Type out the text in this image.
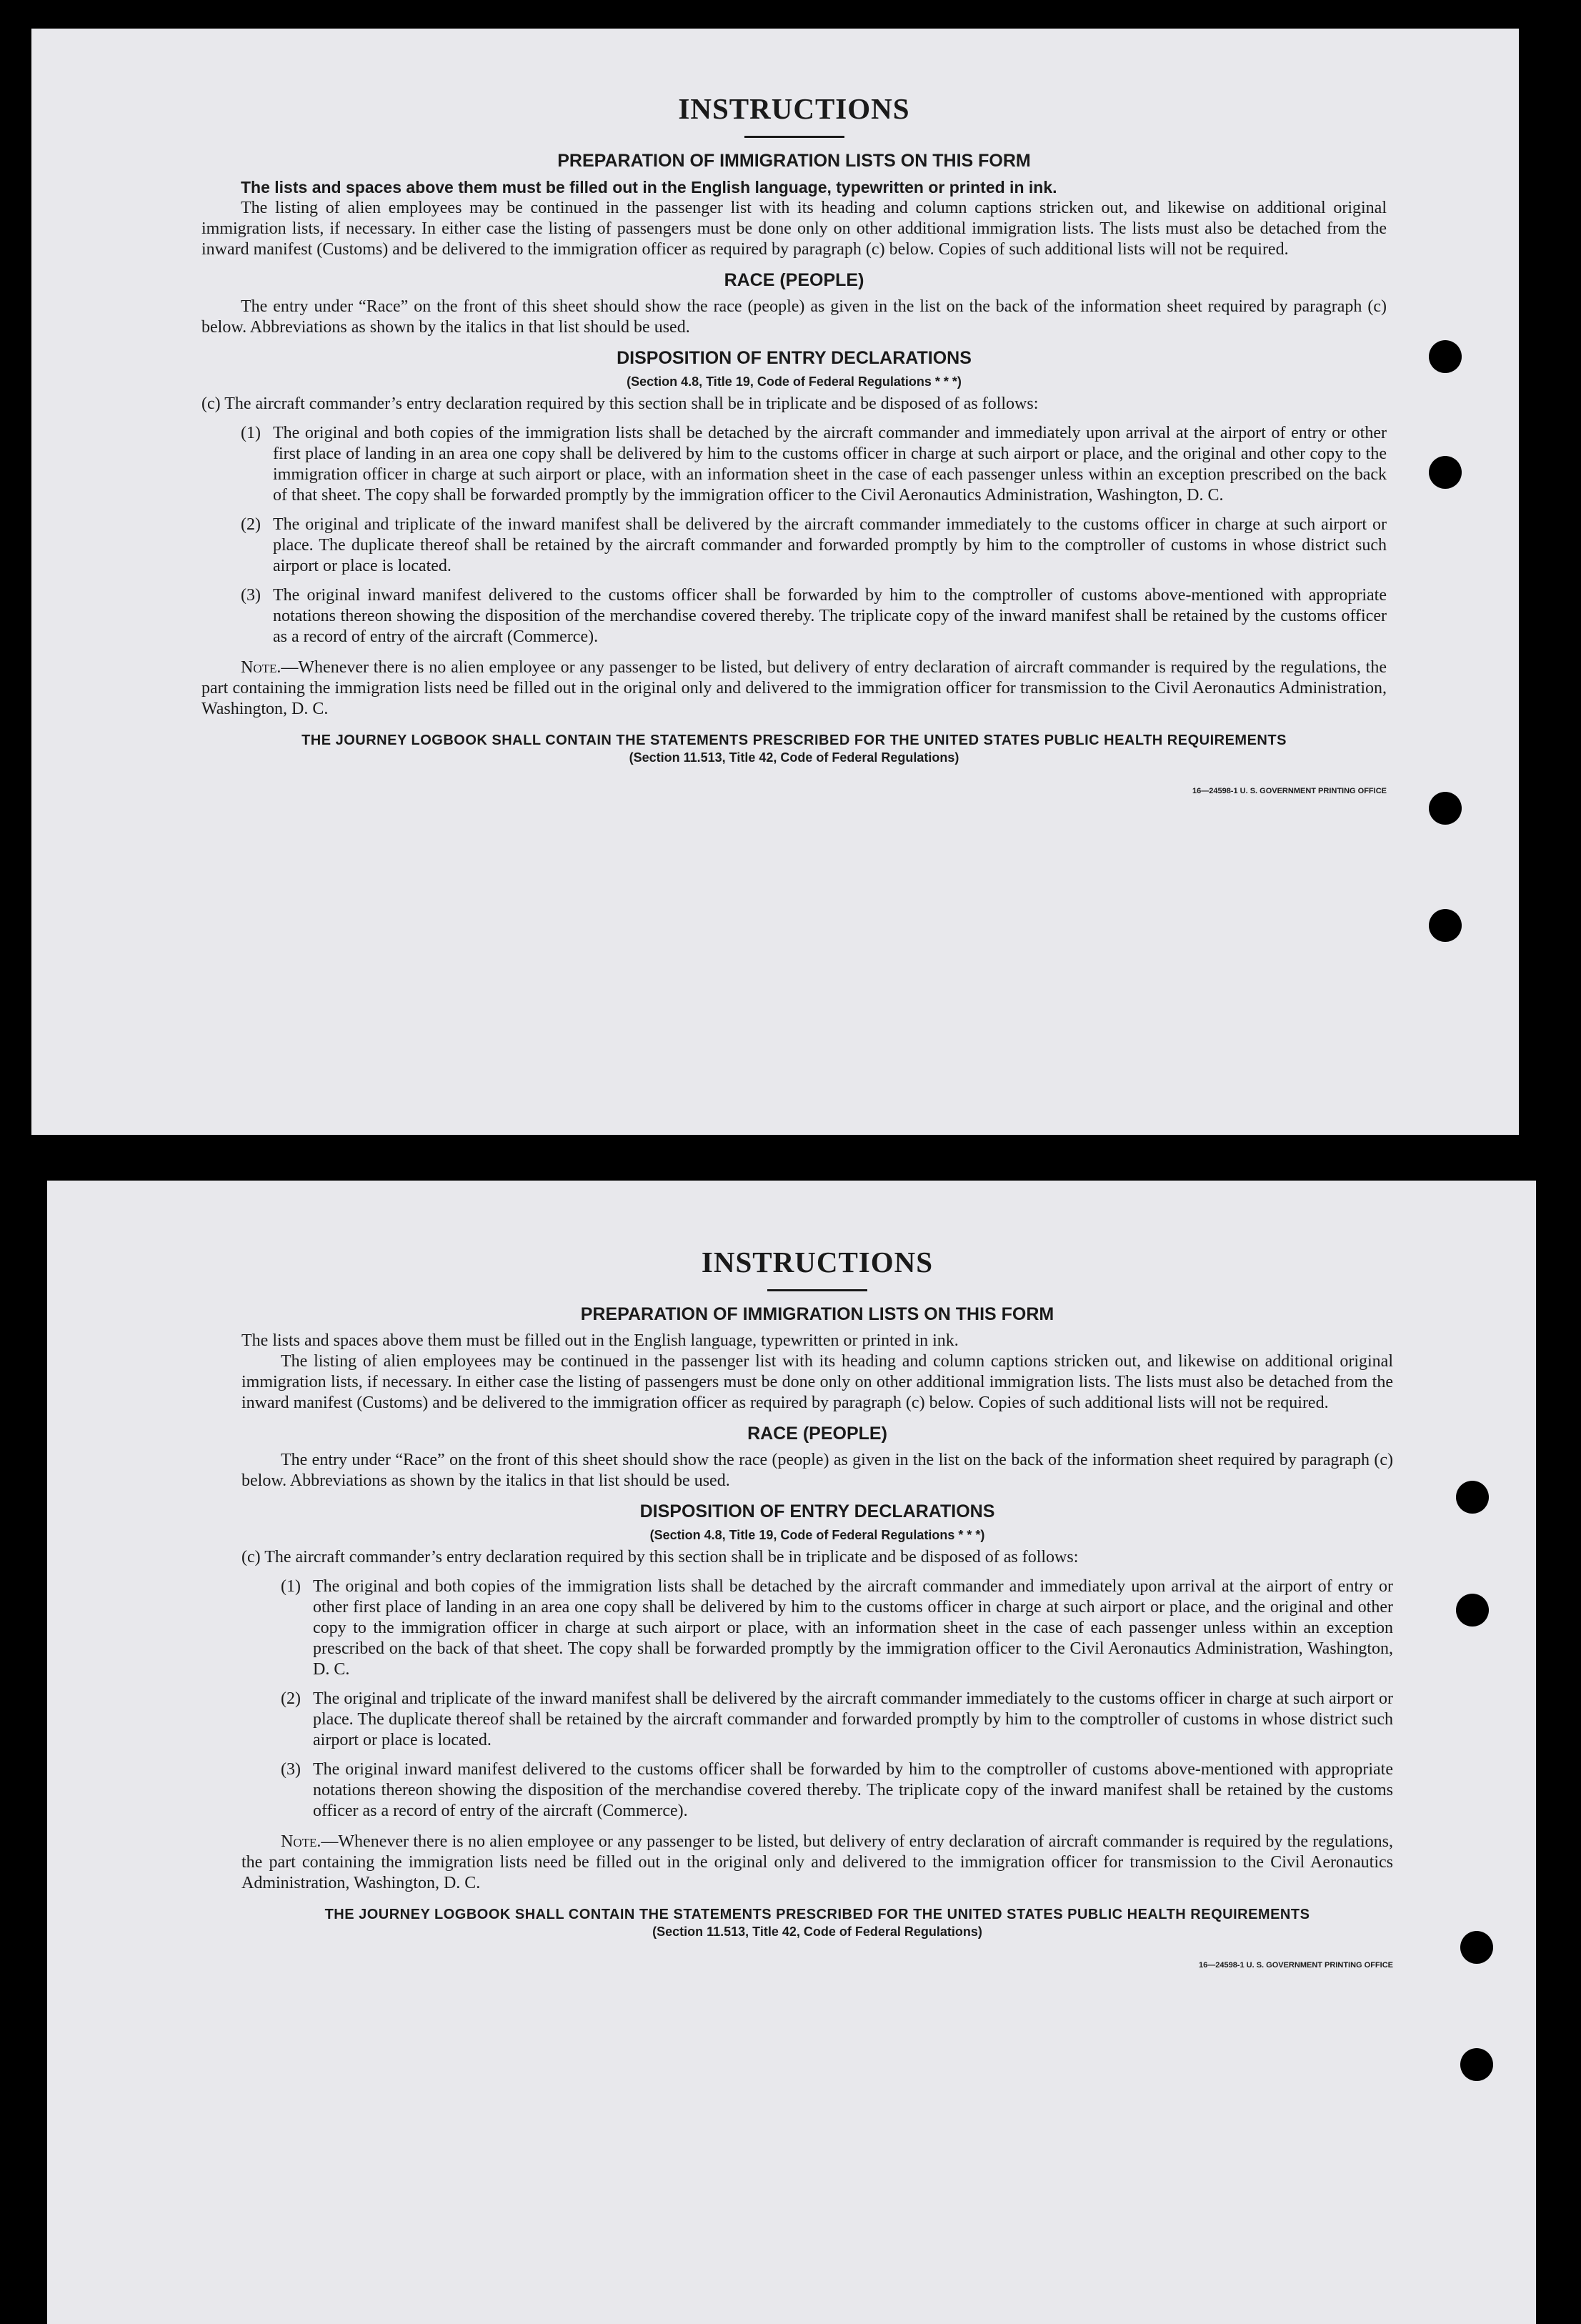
INSTRUCTIONS
PREPARATION OF IMMIGRATION LISTS ON THIS FORM

The lists and spaces above them must be filled out in the English language, typewritten or printed in ink.

The listing of alien employees may be continued in the passenger list with its heading and column captions stricken out, and likewise on additional original immigration lists, if necessary. In either case the listing of passengers must be done only on other additional immigration lists. The lists must also be detached from the inward manifest (Customs) and be delivered to the immigration officer as required by paragraph (c) below. Copies of such additional lists will not be required.

RACE (PEOPLE)

The entry under “Race” on the front of this sheet should show the race (people) as given in the list on the back of the information sheet required by paragraph (c) below. Abbreviations as shown by the italics in that list should be used.

DISPOSITION OF ENTRY DECLARATIONS
(Section 4.8, Title 19, Code of Federal Regulations * * *)

(c) The aircraft commander’s entry declaration required by this section shall be in triplicate and be disposed of as follows:

(1) The original and both copies of the immigration lists shall be detached by the aircraft commander and immediately upon arrival at the airport of entry or other first place of landing in an area one copy shall be delivered by him to the customs officer in charge at such airport or place, and the original and other copy to the immigration officer in charge at such airport or place, with an information sheet in the case of each passenger unless within an exception prescribed on the back of that sheet. The copy shall be forwarded promptly by the immigration officer to the Civil Aeronautics Administration, Washington, D. C.
(2) The original and triplicate of the inward manifest shall be delivered by the aircraft commander immediately to the customs officer in charge at such airport or place. The duplicate thereof shall be retained by the aircraft commander and forwarded promptly by him to the comptroller of customs in whose district such airport or place is located.
(3) The original inward manifest delivered to the customs officer shall be forwarded by him to the comptroller of customs above-mentioned with appropriate notations thereon showing the disposition of the merchandise covered thereby. The triplicate copy of the inward manifest shall be retained by the customs officer as a record of entry of the aircraft (Commerce).

Note.—Whenever there is no alien employee or any passenger to be listed, but delivery of entry declaration of aircraft commander is required by the regulations, the part containing the immigration lists need be filled out in the original only and delivered to the immigration officer for transmission to the Civil Aeronautics Administration, Washington, D. C.

THE JOURNEY LOGBOOK SHALL CONTAIN THE STATEMENTS PRESCRIBED FOR THE UNITED STATES PUBLIC HEALTH REQUIREMENTS
(Section 11.513, Title 42, Code of Federal Regulations)
16—24598-1 U. S. GOVERNMENT PRINTING OFFICE
INSTRUCTIONS
PREPARATION OF IMMIGRATION LISTS ON THIS FORM

The lists and spaces above them must be filled out in the English language, typewritten or printed in ink.

The listing of alien employees may be continued in the passenger list with its heading and column captions stricken out, and likewise on additional original immigration lists, if necessary. In either case the listing of passengers must be done only on other additional immigration lists. The lists must also be detached from the inward manifest (Customs) and be delivered to the immigration officer as required by paragraph (c) below. Copies of such additional lists will not be required.

RACE (PEOPLE)

The entry under “Race” on the front of this sheet should show the race (people) as given in the list on the back of the information sheet required by paragraph (c) below. Abbreviations as shown by the italics in that list should be used.

DISPOSITION OF ENTRY DECLARATIONS
(Section 4.8, Title 19, Code of Federal Regulations * * *)

(c) The aircraft commander’s entry declaration required by this section shall be in triplicate and be disposed of as follows:

(1) The original and both copies of the immigration lists shall be detached by the aircraft commander and immediately upon arrival at the airport of entry or other first place of landing in an area one copy shall be delivered by him to the customs officer in charge at such airport or place, and the original and other copy to the immigration officer in charge at such airport or place, with an information sheet in the case of each passenger unless within an exception prescribed on the back of that sheet. The copy shall be forwarded promptly by the immigration officer to the Civil Aeronautics Administration, Washington, D. C.
(2) The original and triplicate of the inward manifest shall be delivered by the aircraft commander immediately to the customs officer in charge at such airport or place. The duplicate thereof shall be retained by the aircraft commander and forwarded promptly by him to the comptroller of customs in whose district such airport or place is located.
(3) The original inward manifest delivered to the customs officer shall be forwarded by him to the comptroller of customs above-mentioned with appropriate notations thereon showing the disposition of the merchandise covered thereby. The triplicate copy of the inward manifest shall be retained by the customs officer as a record of entry of the aircraft (Commerce).

Note.—Whenever there is no alien employee or any passenger to be listed, but delivery of entry declaration of aircraft commander is required by the regulations, the part containing the immigration lists need be filled out in the original only and delivered to the immigration officer for transmission to the Civil Aeronautics Administration, Washington, D. C.

THE JOURNEY LOGBOOK SHALL CONTAIN THE STATEMENTS PRESCRIBED FOR THE UNITED STATES PUBLIC HEALTH REQUIREMENTS
(Section 11.513, Title 42, Code of Federal Regulations)
16—24598-1 U. S. GOVERNMENT PRINTING OFFICE
